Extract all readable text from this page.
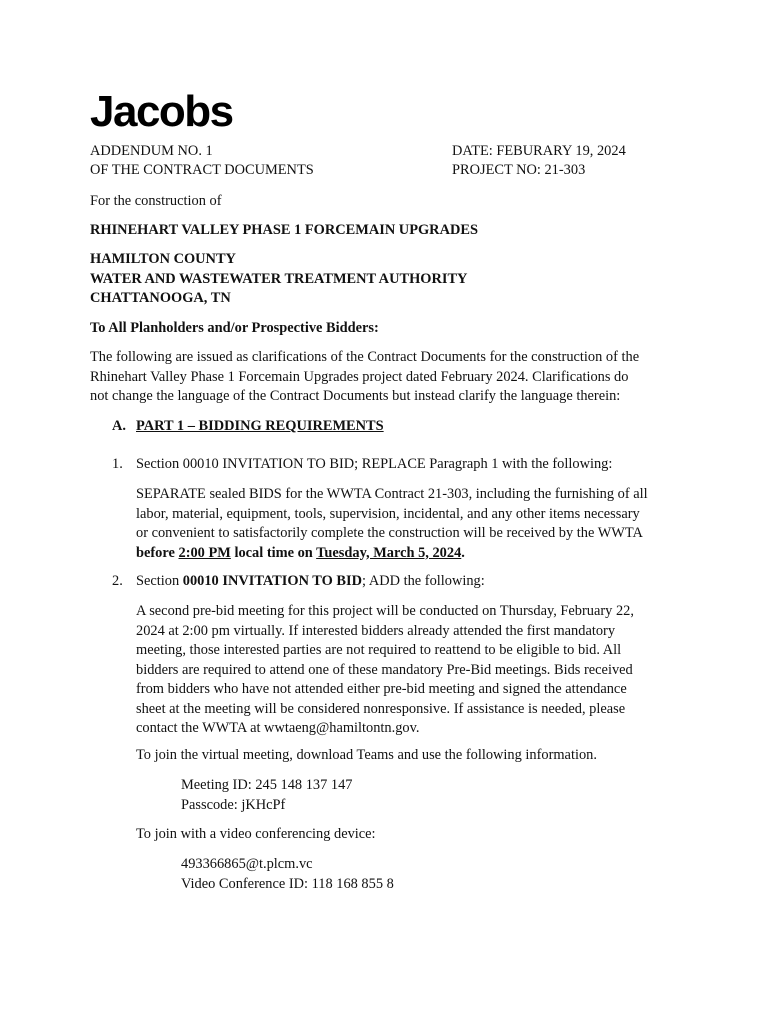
Jacobs
ADDENDUM NO. 1
OF THE CONTRACT DOCUMENTS
DATE: FEBURARY 19, 2024
PROJECT NO: 21-303
For the construction of
RHINEHART VALLEY PHASE 1 FORCEMAIN UPGRADES
HAMILTON COUNTY
WATER AND WASTEWATER TREATMENT AUTHORITY
CHATTANOOGA, TN
To All Planholders and/or Prospective Bidders:
The following are issued as clarifications of the Contract Documents for the construction of the
Rhinehart Valley Phase 1 Forcemain Upgrades project dated February 2024. Clarifications do
not change the language of the Contract Documents but instead clarify the language therein:
A. PART 1 – BIDDING REQUIREMENTS
1. Section 00010 INVITATION TO BID; REPLACE Paragraph 1 with the following:
SEPARATE sealed BIDS for the WWTA Contract 21-303, including the furnishing of all
labor, material, equipment, tools, supervision, incidental, and any other items necessary
or convenient to satisfactorily complete the construction will be received by the WWTA
before 2:00 PM local time on Tuesday, March 5, 2024.
2. Section 00010 INVITATION TO BID; ADD the following:
A second pre-bid meeting for this project will be conducted on Thursday, February 22,
2024 at 2:00 pm virtually. If interested bidders already attended the first mandatory
meeting, those interested parties are not required to reattend to be eligible to bid. All
bidders are required to attend one of these mandatory Pre-Bid meetings. Bids received
from bidders who have not attended either pre-bid meeting and signed the attendance
sheet at the meeting will be considered nonresponsive. If assistance is needed, please
contact the WWTA at wwtaeng@hamiltontn.gov.
To join the virtual meeting, download Teams and use the following information.
Meeting ID: 245 148 137 147
Passcode: jKHcPf
To join with a video conferencing device:
493366865@t.plcm.vc
Video Conference ID: 118 168 855 8
